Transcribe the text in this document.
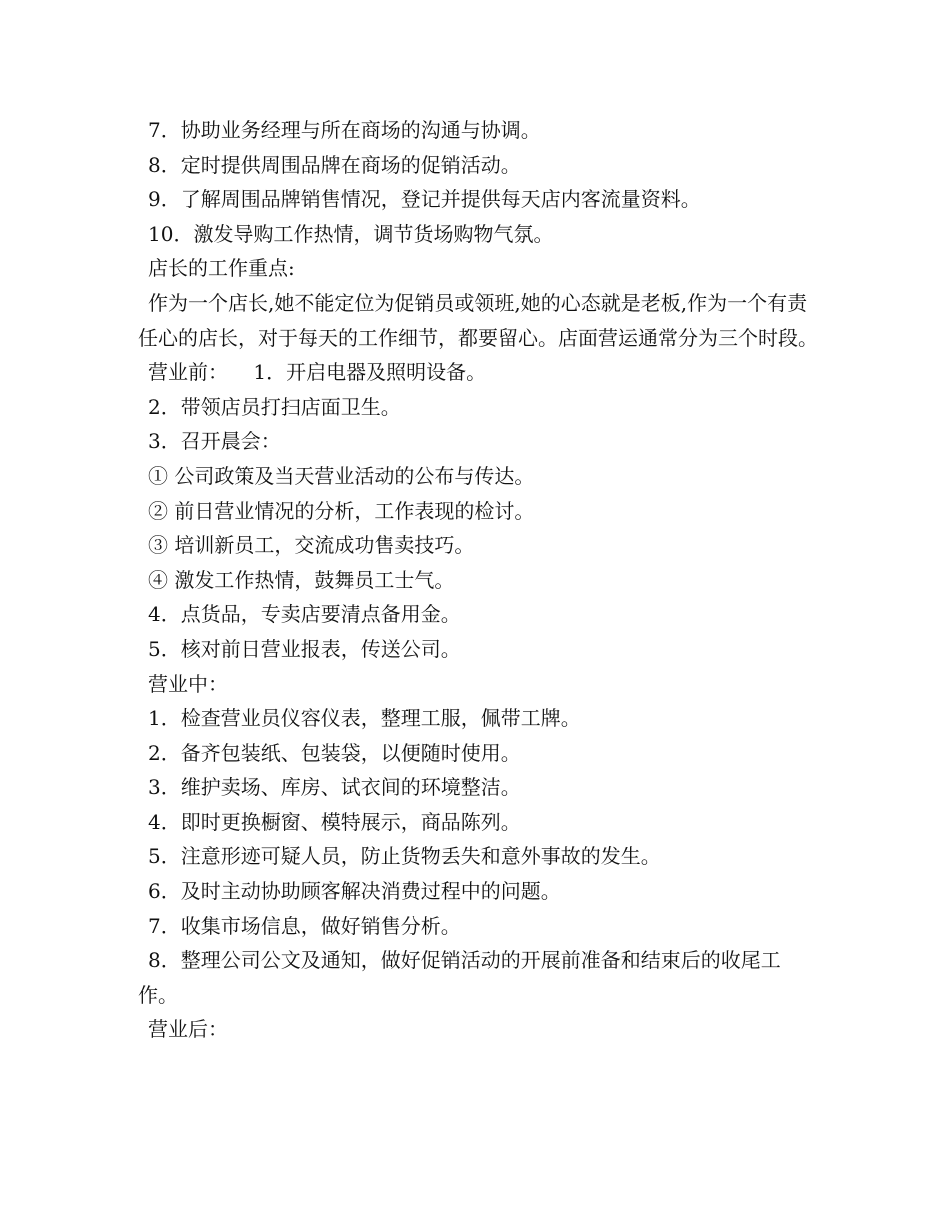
7．协助业务经理与所在商场的沟通与协调。
8．定时提供周围品牌在商场的促销活动。
9．了解周围品牌销售情况，登记并提供每天店内客流量资料。
10．激发导购工作热情，调节货场购物气氛。
店长的工作重点:
作为一个店长,她不能定位为促销员或领班,她的心态就是老板,作为一个有责任心的店长，对于每天的工作细节，都要留心。店面营运通常分为三个时段。
营业前：    1．开启电器及照明设备。
2．带领店员打扫店面卫生。
3．召开晨会：
① 公司政策及当天营业活动的公布与传达。
② 前日营业情况的分析，工作表现的检讨。
③ 培训新员工，交流成功售卖技巧。
④ 激发工作热情，鼓舞员工士气。
4．点货品，专卖店要清点备用金。
5．核对前日营业报表，传送公司。
营业中：
1．检查营业员仪容仪表，整理工服，佩带工牌。
2．备齐包装纸、包装袋，以便随时使用。
3．维护卖场、库房、试衣间的环境整洁。
4．即时更换橱窗、模特展示，商品陈列。
5．注意形迹可疑人员，防止货物丢失和意外事故的发生。
6．及时主动协助顾客解决消费过程中的问题。
7．收集市场信息，做好销售分析。
8．整理公司公文及通知，做好促销活动的开展前准备和结束后的收尾工作。
营业后：
